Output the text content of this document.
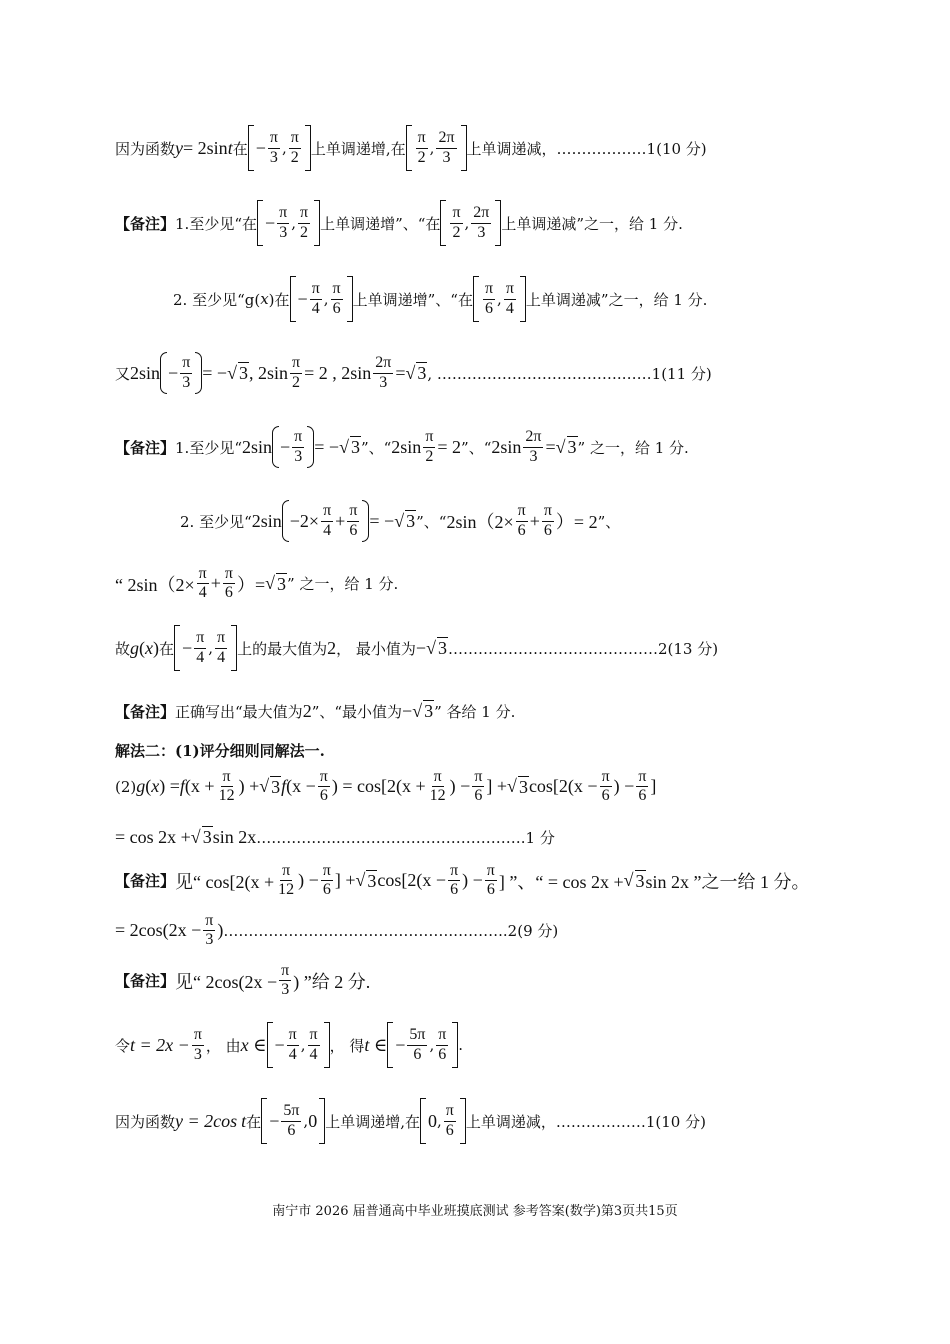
因为函数 y = 2sin t 在 − $\frac{\pi}{3}$ , $\frac{\pi}{2}$ 上单调递增,在 $\frac{\pi}{2}$ , $\frac{2\pi}{3}$ 上单调递减， ………………1(10 分)
【备注】 1.至少见“在 − $\frac{\pi}{3}$ , $\frac{\pi}{2}$ 上单调递增”、“在 $\frac{\pi}{2}$ , $\frac{2\pi}{3}$ 上单调递减”之一，给 1 分.
2. 至少见“g( x )在 − $\frac{\pi}{4}$ , $\frac{\pi}{6}$ 上单调递增”、“在 $\frac{\pi}{6}$ , $\frac{\pi}{4}$ 上单调递减”之一，给 1 分.
又 $2\sin - \frac{\pi}{3}$ = − √ 3 , $2\sin \frac{\pi}{2} = 2$ , $2\sin \frac{2\pi}{3}$ = √ 3 , ……………………………….……1(11 分)
【备注】 1.至少见“ $2\sin - \frac{\pi}{3}$ = − √ 3 ”、“ $2\sin \frac{\pi}{2} = 2$ ”、“ $2\sin \frac{2\pi}{3}$ = √ 3 ” 之一，给 1 分.
2. 至少见“ $2\sin -2\times \frac{\pi}{4} + \frac{\pi}{6}$ = − √ 3 ”、“ $2\sin(2\times \frac{\pi}{6} + \frac{\pi}{6}$ ）= 2 ”、
“ $2\sin(2\times \frac{\pi}{4} + \frac{\pi}{6}$ ）= √ 3 ” 之一，给 1 分.
故 g ( x ) 在 − $\frac{\pi}{4}$ , $\frac{\pi}{4}$ 上的最大值为 2 ， 最小值为 − √ 3 ……………………………………2(13 分)
【备注】 正确写出“最大值为 2 ”、“最小值为 − √ 3 ” 各给 1 分.
解法二：(1)评分细则同解法一.
(2) g ( x ) = f ($x + \frac{\pi}{12}$ ) + √ 3 f ($x - \frac{\pi}{6}$ ) = $\cos[2(x + \frac{\pi}{12}$ ) − $\frac{\pi}{6}$ ] + √ 3 $\cos[2(x - \frac{\pi}{6}$ ) − $\frac{\pi}{6}$ ]
= cos 2x + √ 3 sin 2x ……………..……………………………….1 分
【备注】 见“ $\cos[2(x + \frac{\pi}{12}$ ) − $\frac{\pi}{6}$ ] + √ 3 $\cos[2(x - \frac{\pi}{6}$ ) − $\frac{\pi}{6}$ ] ”、“ = cos 2x + √ 3 sin 2x ”之一给 1 分。
= $2\cos(2x - \frac{\pi}{3}$ ) ……………………………………….………..2(9 分)
【备注】 见“ $2\cos(2x - \frac{\pi}{3}$ ) ”给 2 分.
令 $t = 2x - \frac{\pi}{3}$ ， 由 x ∈ − $\frac{\pi}{4}$ , $\frac{\pi}{4}$ ， 得 t ∈ − $\frac{5\pi}{6}$ , $\frac{\pi}{6}$ .
因为函数 y = 2cos t 在 − $\frac{5\pi}{6}$ , 0 上单调递增,在 0 , $\frac{\pi}{6}$ 上单调递减， ………………1(10 分)
南宁市 2026 届普通高中毕业班摸底测试 参考答案(数学)第3页共15页
